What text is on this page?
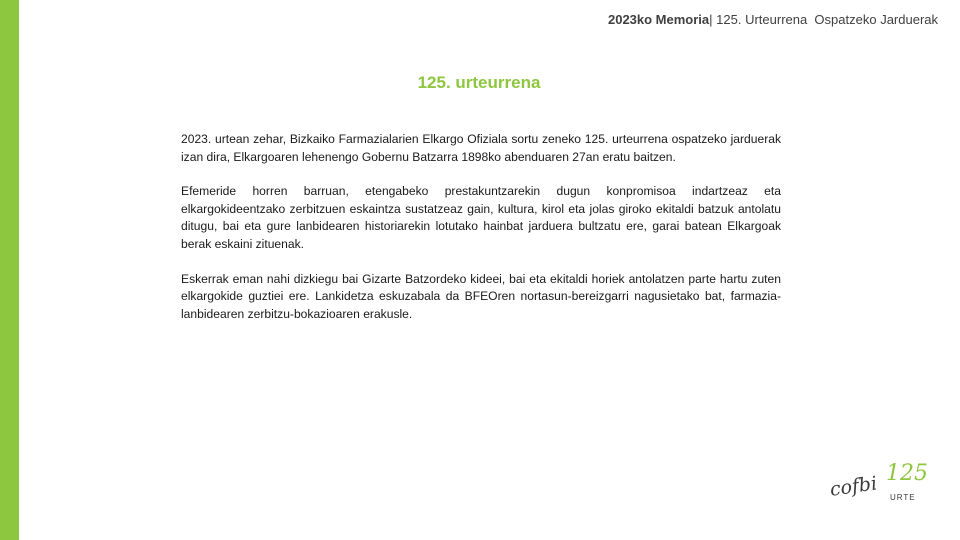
2023ko Memoria| 125. Urteurrena  Ospatzeko Jarduerak
125. urteurrena

2023. urtean zehar, Bizkaiko Farmazialarien Elkargo Ofiziala sortu zeneko 125. urteurrena ospatzeko jarduerak izan dira, Elkargoaren lehenengo Gobernu Batzarra 1898ko abenduaren 27an eratu baitzen.

Efemeride horren barruan, etengabeko prestakuntzarekin dugun konpromisoa indartzeaz eta elkargokideentzako zerbitzuen eskaintza sustatzeaz gain, kultura, kirol eta jolas giroko ekitaldi batzuk antolatu ditugu, bai eta gure lanbidearen historiarekin lotutako hainbat jarduera bultzatu ere, garai batean Elkargoak berak eskaini zituenak.

Eskerrak eman nahi dizkiegu bai Gizarte Batzordeko kideei, bai eta ekitaldi horiek antolatzen parte hartu zuten elkargokide guztiei ere. Lankidetza eskuzabala da BFEOren nortasun-bereizgarri nagusietako bat, farmazia-lanbidearen zerbitzu-bokazioaren erakusle.

cofbi 125
URTE
